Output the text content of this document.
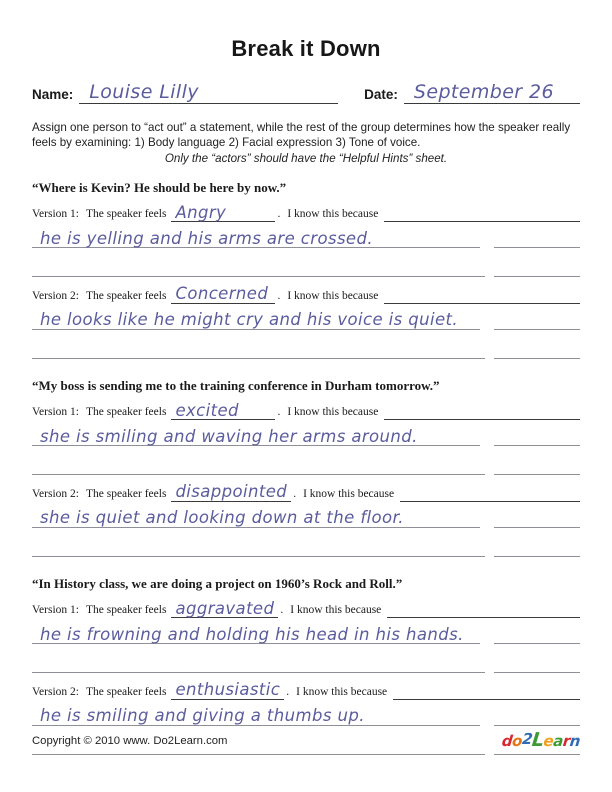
Break it Down
Name: Louise Lilly	Date: September 26
Assign one person to “act out” a statement, while the rest of the group determines how the speaker really feels by examining: 1) Body language 2) Facial expression 3) Tone of voice.
Only the “actors” should have the “Helpful Hints” sheet.
“Where is Kevin? He should be here by now.”
Version 1: The speaker feels Angry	. I know this because
he is yelling and his arms are crossed.
Version 2: The speaker feels Concerned . I know this because
he looks like he might cry and his voice is quiet.
“My boss is sending me to the training conference in Durham tomorrow.”
Version 1: The speaker feels excited	. I know this because
she is smiling and waving her arms around.
Version 2: The speaker feels disappointed . I know this because
she is quiet and looking down at the floor.
“In History class, we are doing a project on 1960’s Rock and Roll.”
Version 1: The speaker feels aggravated . I know this because
he is frowning and holding his head in his hands.
Version 2: The speaker feels enthusiastic . I know this because
he is smiling and giving a thumbs up.
Copyright © 2010 www. Do2Learn.com	do2Learn
